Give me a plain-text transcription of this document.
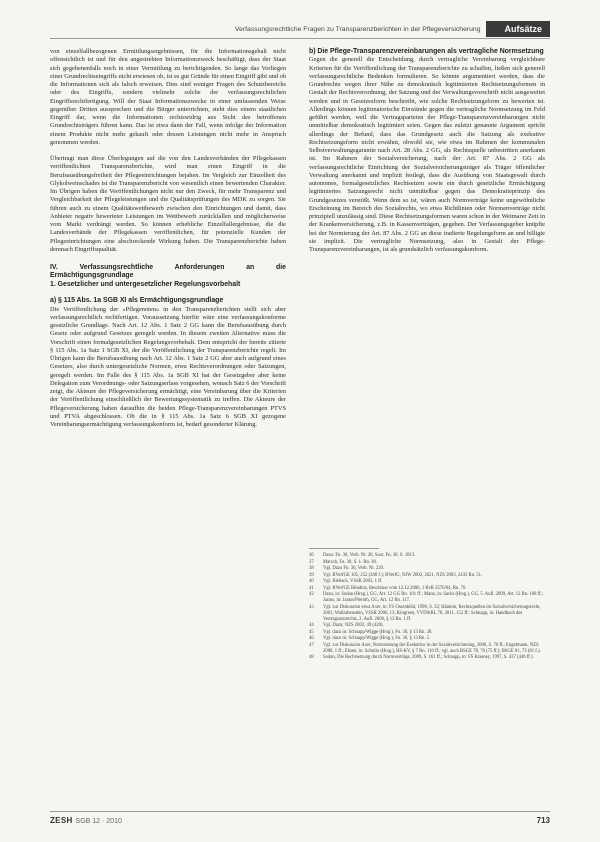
Verfassungsrechtliche Fragen zu Transparenzberichten in der Pflegeversicherung	Aufsätze

von einzelfallbezogenen Ermittlungsergebnissen, für die Informationsgehalt nicht offensichtlich ist und für den angestrebten Informationszweck beschäftigt, dass der Staat sich gegebenenfalls noch in einer Vermittlung zu berichtigenden. So lange das Vorliegen einer Grundrechtseingriffs nicht erwiesen ob, ist es gut Gründe für einen Eingriff gibt und ob die Informationen sich als falsch erweisen. Dies sind weniger Fragen des Schutzbereichs oder des Eingriffs, sondern vielmehr solche der verfassungsrechtlichen Eingriffsrechtfertigung. Will der Staat Informationszwecke in einer umfassenden Weise gegenüber Dritten aussprechen und die Bürger unterrichten, steht dies einem staatlichen Eingriff dar, wenn die Informationen rechtswidrig aus Sicht des betroffenen Grundrechtsträgers führen kann. Das ist etwa dann der Fall, wenn infolge der Information einem Produkte nicht mehr gekauft oder dessen Leistungen nicht mehr in Anspruch genommen werden.

Übertragt man diese Überlegungen auf die von den Landesverbänden der Pflegekassen veröffentlichten Transparenzberichte, wird man einen Eingriff in die Berufsausübungsfreiheit der Pflegeeinrichtungen bejahen. Im Vergleich zur Einzelheit des Glykolweinschades ist die Transparenzbericht von wesentlich einen bewertenden Charakter. Im Übrigen haben die Veröffentlichungen nicht nur den Zweck, für mehr Transparenz und Vergleichbarkeit der Pflegeleistungen und die Qualitätsprüfungen des MDK zu sorgen. Sie führen auch zu einem Qualitätswettbewerb zwischen den Einrichtungen und damit, dass Anbieter negativ bewerteter Leistungen im Wettbewerb zurückfallen und möglicherweise vom Markt verdrängt werden. So können erhebliche Einzelfallergebnisse, die die Landesverbände der Pflegekassen veröffentlichen, für potenzielle Kunden der Pflegeeinrichtungen eine abschreckende Wirkung haben. Die Transparenzberichte haben demnach Eingriffsqualität.

IV. Verfassungsrechtliche Anforderungen an die Ermächtigungsgrundlage
1. Gesetzlicher und untergesetzlicher Regelungsvorbehalt
a) § 115 Abs. 1a SGB XI als Ermächtigungsgrundlage

Die Veröffentlichung der »Pflegenoten« in den Transparenzberichten stellt sich aber verfassungsrechtlich rechtfertigen. Voraussetzung hierfür wäre eine verfassungskonforme gesetzliche Grundlage. Nach Art. 12 Abs. 1 Satz 2 GG kann die Berufsausübung durch Gesetz oder aufgrund Gesetzes geregelt werden. In diesem zweiten Alternative muss die Vorschrift einen formalgesetzlichen Regelungsvorbehalt. Dem entspricht der bereits zitierte § 115 Abs. 1a Satz 1 SGB XI, der die Veröffentlichung der Transparenzberichte regelt. Im Übrigen kann die Berufsausübung nach Art. 12 Abs. 1 Satz 2 GG aber auch aufgrund eines Gesetzes, also durch untergesetzliche Normen, etwa Rechtsverordnungen oder Satzungen, geregelt werden. Im Falle des § 115 Abs. 1a SGB XI hat der Gesetzgeber aber keine Delegation zum Verordnungs- oder Satzungserlass vorgesehen, wonach Satz 6 der Vorschrift zeigt, die Akteure der Pflegeversicherung ermächtigt, eine Vereinbarung über die Kriterien der Veröffentlichung einschließlich der Bewertungssystematik zu treffen. Die Akteure der Pflegeversicherung haben daraufhin die beiden Pflege-Transparenzvereinbarungen PTVS und PTVA abgeschlossen. Ob die in § 115 Abs. 1a Satz 6 SGB XI gezogene Vereinbarungsermächtigung verfassungskonform ist, bedarf gesonderter Klärung.

b) Die Pflege-Transparenzvereinbarungen als vertragliche Normsetzung

Gegen die generell die Entscheidung, durch vertragliche Vereinbarung vergleichbare Kriterien für die Veröffentlichung der Transparenzberichte zu schaffen, ließen sich generell verfassungsrechtliche Bedenken formulieren. So könnte argumentiert werden, dass die Grundrechte wegen ihrer Nähe zu demokratisch legitimierten Rechtsetzungsformen in Gestalt der Rechtsverordnung, der Satzung und der Verwaltungsvorschrift nicht ausgeweitet werden und in Gesetzesform beschreibt, wie solche Rechtsetzungsform zu bewerten ist. Allerdings können legitimatorische Einwände gegen die vertragliche Normsetzung im Feld geführt werden, weil die Vertragsparteien der Pflege-Transparenzvereinbarungen nicht unmittelbar demokratisch legitimiert seien. Gegen das zuletzt genannte Argument spricht allerdings der Befund, dass das Grundgesetz auch die Satzung als exekutive Rechtsetzungsform nicht erwähnt, obwohl sie, wie etwa im Rahmen der kommunalen Selbstverwaltungsgarantie nach Art. 28 Abs. 2 GG, als Rechtsquelle unbestritten anerkannt ist. Im Rahmen der Sozialversicherung, nach der Art. 87 Abs. 2 GG als verfassungsrechtliche Einrichtung der Sozialversicherungsträger als Träger öffentlicher Verwaltung anerkannt und implizit festlegt, dass die Ausübung von Staatsgewalt durch autonomes, formalgesetzliches Rechtsetzen sowie ein durch gesetzliche Ermächtigung legitimiertes Satzungsrecht nicht unmittelbar gegen das Demokratieprinzip des Grundgesetzes verstößt. Wenn dem so ist, wären auch Normverträge keine ungewöhnliche Erscheinung im Bereich des Sozialrechts, wo etwa Richtlinien oder Normenverträge nicht prinzipiell unzulässig sind. Diese Rechtsetzungsformen waren schon in der Weimarer Zeit in der Krankenversicherung, z.B. in Kassenverträgen, gegeben. Der Verfassungsgeber knüpfte bei der Normierung der Art. 87 Abs. 2 GG an diese tradierte Regelungsform an und billigte sie implizit. Die vertragliche Normsetzung, also in Gestalt der Pflege-Transparenzvereinbarungen, ist als grundsätzlich verfassungskonform.

36	Dazu: Fn. 30, Verb. Nr. 20, Sozr. Fn. 30, S. 1813.
37	Marsch, Fn. 30, S. 1. Rn. 30.
38	Vgl. Dazu Fn. 30, Verb. Nr. 220.
39	Vgl. BVerfGE 105, 252 (268 f.); BVerfG, NJW 2002, 2621, NZS 2003, 2435 Rn. 51.
40	Vgl. Bieback, VSSR 2003, 1 ff.
41	Vgl. BVerfGE Bündnis, Beschluss vom 12.12.2006, 1 BvR 2576/04, Rn. 70.
42	Dazu, in: Sodan (Hrsg.), GG, Art. 12 GG Rn. 101 ff.; Mann, in: Sachs (Hrsg.), GG, 5. Aufl. 2009, Art. 12 Rn. 108 ff.; Jarass, in: Jarass/Pieroth, GG, Art. 12 Rn. 117.
43	Vgl. zur Diskussion etwa Axer, in: FS Ossenbühl, 1998, S. 32; Hänlein, Rechtsquellen im Sozialversicherungsrecht, 2001; Wallrabenstein, VSSR 2006, 13; Kingreen, VVDStRL 70, 2011, 152 ff.; Schnapp, in: Handbuch des Vertragsarztrechts, 2. Aufl. 2006, § 13 Rn. 1 ff.
44	Vgl. Dazu; NZS 2003, 49 (420).
45	Vgl. dazu in: Schnapp/Wigge (Hrsg.), Fn. 30, § 13 Rn. 28.
46	Vgl. dazu in: Schnapp/Wigge (Hrsg.), Fn. 30, § 13 Rn. 5.
47	Vgl. zur Diskussion Axer, Normsetzung der Exekutive in der Sozialversicherung, 2000, S. 70 ff.; Engelmann, NZS 2000, 1 ff.; Ebsen, in: Schulin (Hrsg.), HS-KV, § 7 Rn. 110 ff.; vgl. auch BSGE 78, 70 (75 ff.); BSGE 81, 73 (81 f.).
48	Sodan, Die Rechtsetzung durch Normverträge, 2009, S. 161 ff.; Schnapp, in: FS Krasney, 1997, S. 437 (446 ff.).
ZESH SGB 12 · 2010	713
